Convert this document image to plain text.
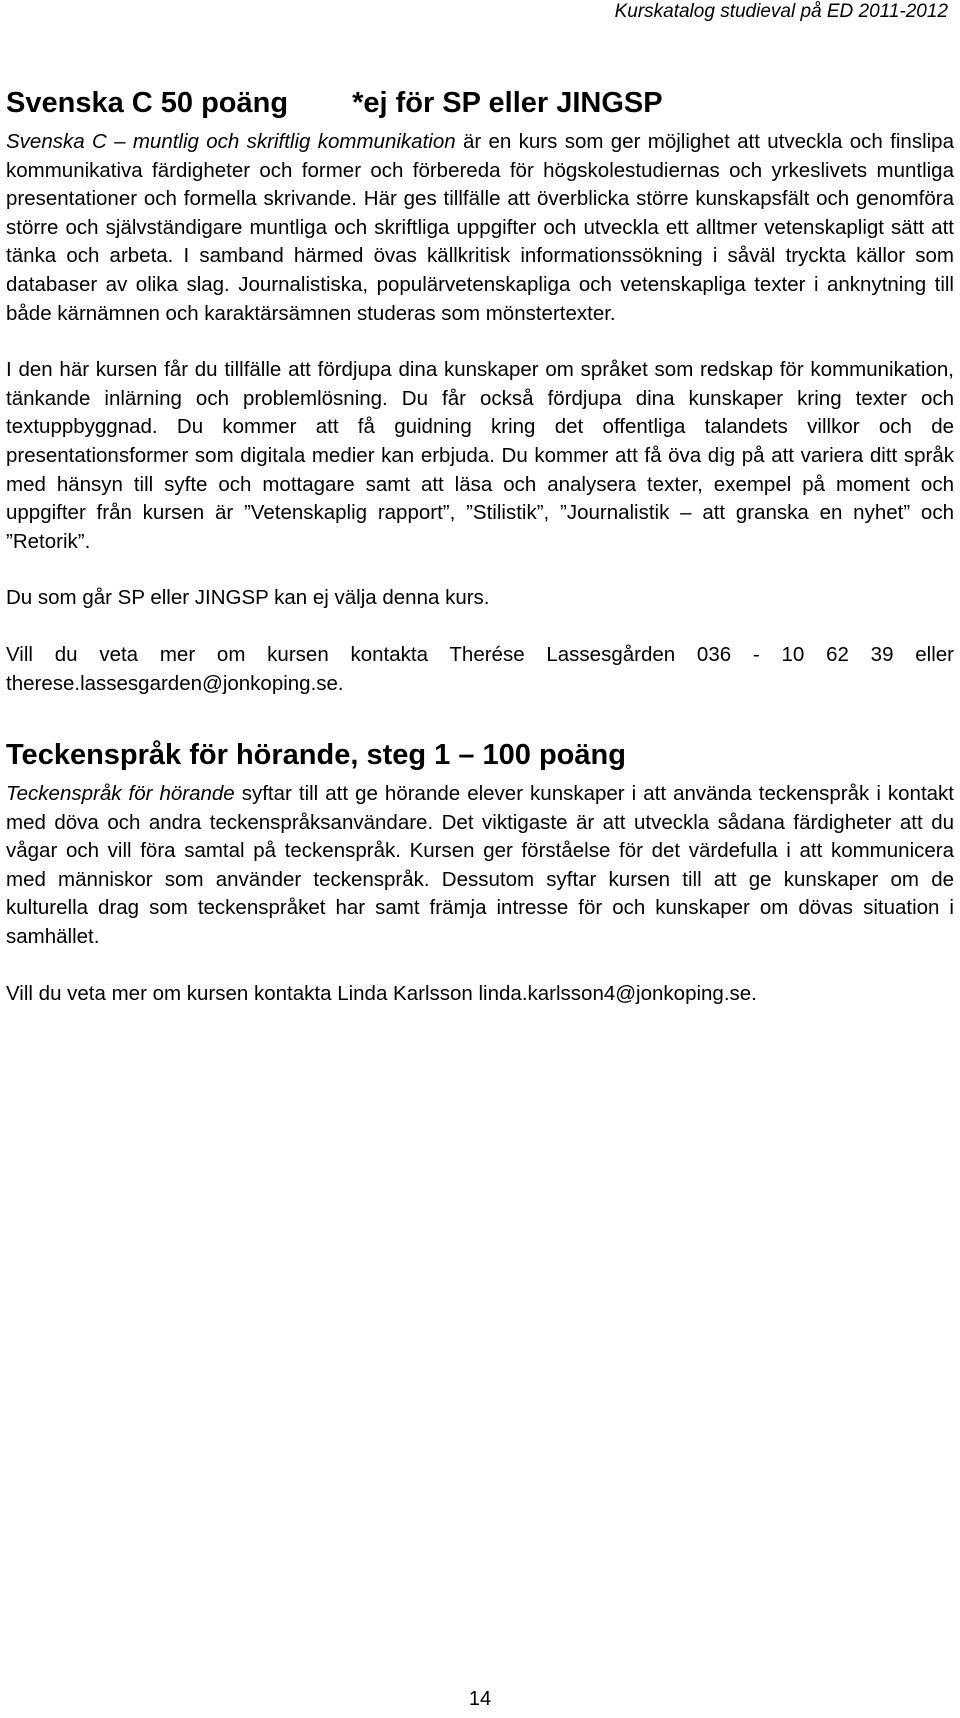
Kurskatalog studieval på ED 2011-2012
Svenska C 50 poäng *ej för SP eller JINGSP

Svenska C – muntlig och skriftlig kommunikation är en kurs som ger möjlighet att utveckla och finslipa kommunikativa färdigheter och former och förbereda för högskolestudiernas och yrkeslivets muntliga presentationer och formella skrivande. Här ges tillfälle att överblicka större kunskapsfält och genomföra större och självständigare muntliga och skriftliga uppgifter och utveckla ett alltmer vetenskapligt sätt att tänka och arbeta. I samband härmed övas källkritisk informationssökning i såväl tryckta källor som databaser av olika slag. Journalistiska, populärvetenskapliga och vetenskapliga texter i anknytning till både kärnämnen och karaktärsämnen studeras som mönstertexter.

I den här kursen får du tillfälle att fördjupa dina kunskaper om språket som redskap för kommunikation, tänkande inlärning och problemlösning. Du får också fördjupa dina kunskaper kring texter och textuppbyggnad. Du kommer att få guidning kring det offentliga talandets villkor och de presentationsformer som digitala medier kan erbjuda. Du kommer att få öva dig på att variera ditt språk med hänsyn till syfte och mottagare samt att läsa och analysera texter, exempel på moment och uppgifter från kursen är ”Vetenskaplig rapport”, ”Stilistik”, ”Journalistik – att granska en nyhet” och ”Retorik”.

Du som går SP eller JINGSP kan ej välja denna kurs.

Vill du veta mer om kursen kontakta Therése Lassesgården 036 - 10 62 39 eller therese.lassesgarden@jonkoping.se.

Teckenspråk för hörande, steg 1 – 100 poäng

Teckenspråk för hörande syftar till att ge hörande elever kunskaper i att använda teckenspråk i kontakt med döva och andra teckenspråksanvändare. Det viktigaste är att utveckla sådana färdigheter att du vågar och vill föra samtal på teckenspråk. Kursen ger förståelse för det värdefulla i att kommunicera med människor som använder teckenspråk. Dessutom syftar kursen till att ge kunskaper om de kulturella drag som teckenspråket har samt främja intresse för och kunskaper om dövas situation i samhället.

Vill du veta mer om kursen kontakta Linda Karlsson linda.karlsson4@jonkoping.se.

14
